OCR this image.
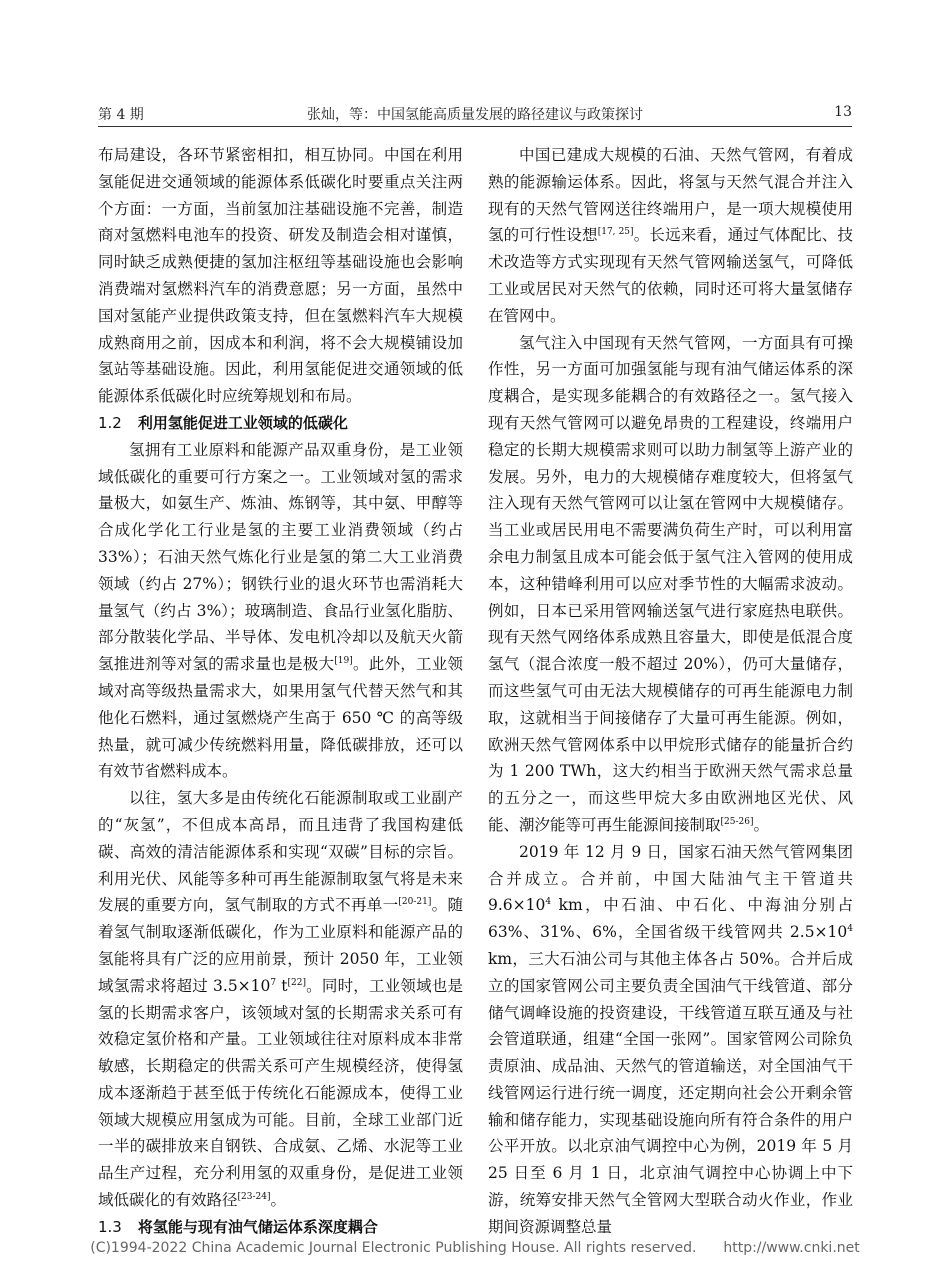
第 4 期	张灿，等：中国氢能高质量发展的路径建议与政策探讨	13

布局建设，各环节紧密相扣，相互协同。中国在利用氢能促进交通领域的能源体系低碳化时要重点关注两个方面：一方面，当前氢加注基础设施不完善，制造商对氢燃料电池车的投资、研发及制造会相对谨慎，同时缺乏成熟便捷的氢加注枢纽等基础设施也会影响消费端对氢燃料汽车的消费意愿；另一方面，虽然中国对氢能产业提供政策支持，但在氢燃料汽车大规模成熟商用之前，因成本和利润，将不会大规模铺设加氢站等基础设施。因此，利用氢能促进交通领域的低能源体系低碳化时应统筹规划和布局。

1.2 利用氢能促进工业领域的低碳化

氢拥有工业原料和能源产品双重身份，是工业领域低碳化的重要可行方案之一。工业领域对氢的需求量极大，如氨生产、炼油、炼钢等，其中氨、甲醇等合成化学化工行业是氢的主要工业消费领域（约占 33%）；石油天然气炼化行业是氢的第二大工业消费领域（约占 27%）；钢铁行业的退火环节也需消耗大量氢气（约占 3%）；玻璃制造、食品行业氢化脂肪、部分散装化学品、半导体、发电机冷却以及航天火箭氢推进剂等对氢的需求量也是极大[19]。此外，工业领域对高等级热量需求大，如果用氢气代替天然气和其他化石燃料，通过氢燃烧产生高于 650 ℃ 的高等级热量，就可减少传统燃料用量，降低碳排放，还可以有效节省燃料成本。

以往，氢大多是由传统化石能源制取或工业副产的“灰氢”，不但成本高昂，而且违背了我国构建低碳、高效的清洁能源体系和实现“双碳”目标的宗旨。利用光伏、风能等多种可再生能源制取氢气将是未来发展的重要方向，氢气制取的方式不再单一[20-21]。随着氢气制取逐渐低碳化，作为工业原料和能源产品的氢能将具有广泛的应用前景，预计 2050 年，工业领域氢需求将超过 $3.5\times 10^7$ t[22]。同时，工业领域也是氢的长期需求客户，该领域对氢的长期需求关系可有效稳定氢价格和产量。工业领域往往对原料成本非常敏感，长期稳定的供需关系可产生规模经济，使得氢成本逐渐趋于甚至低于传统化石能源成本，使得工业领域大规模应用氢成为可能。目前，全球工业部门近一半的碳排放来自钢铁、合成氨、乙烯、水泥等工业品生产过程，充分利用氢的双重身份，是促进工业领域低碳化的有效路径[23-24]。

1.3 将氢能与现有油气储运体系深度耦合

中国已建成大规模的石油、天然气管网，有着成熟的能源输运体系。因此，将氢与天然气混合并注入现有的天然气管网送往终端用户，是一项大规模使用氢的可行性设想[17, 25]。长远来看，通过气体配比、技术改造等方式实现现有天然气管网输送氢气，可降低工业或居民对天然气的依赖，同时还可将大量氢储存在管网中。

氢气注入中国现有天然气管网，一方面具有可操作性，另一方面可加强氢能与现有油气储运体系的深度耦合，是实现多能耦合的有效路径之一。氢气接入现有天然气管网可以避免昂贵的工程建设，终端用户稳定的长期大规模需求则可以助力制氢等上游产业的发展。另外，电力的大规模储存难度较大，但将氢气注入现有天然气管网可以让氢在管网中大规模储存。当工业或居民用电不需要满负荷生产时，可以利用富余电力制氢且成本可能会低于氢气注入管网的使用成本，这种错峰利用可以应对季节性的大幅需求波动。例如，日本已采用管网输送氢气进行家庭热电联供。现有天然气网络体系成熟且容量大，即使是低混合度氢气（混合浓度一般不超过 20%），仍可大量储存，而这些氢气可由无法大规模储存的可再生能源电力制取，这就相当于间接储存了大量可再生能源。例如，欧洲天然气管网体系中以甲烷形式储存的能量折合约为 1 200 TWh，这大约相当于欧洲天然气需求总量的五分之一，而这些甲烷大多由欧洲地区光伏、风能、潮汐能等可再生能源间接制取[25-26]。

2019 年 12 月 9 日，国家石油天然气管网集团合并成立。合并前，中国大陆油气主干管道共 $9.6\times 10^4$ km，中石油、中石化、中海油分别占 63%、31%、6%，全国省级干线管网共 $2.5\times 10^4$ km，三大石油公司与其他主体各占 50%。合并后成立的国家管网公司主要负责全国油气干线管道、部分储气调峰设施的投资建设，干线管道互联互通及与社会管道联通，组建“全国一张网”。国家管网公司除负责原油、成品油、天然气的管道输送，对全国油气干线管网运行进行统一调度，还定期向社会公开剩余管输和储存能力，实现基础设施向所有符合条件的用户公平开放。以北京油气调控中心为例，2019 年 5 月 25 日至 6 月 1 日，北京油气调控中心协调上中下游，统筹安排天然气全管网大型联合动火作业，作业期间资源调整总量

(C)1994-2022 China Academic Journal Electronic Publishing House. All rights reserved. http://www.cnki.net
